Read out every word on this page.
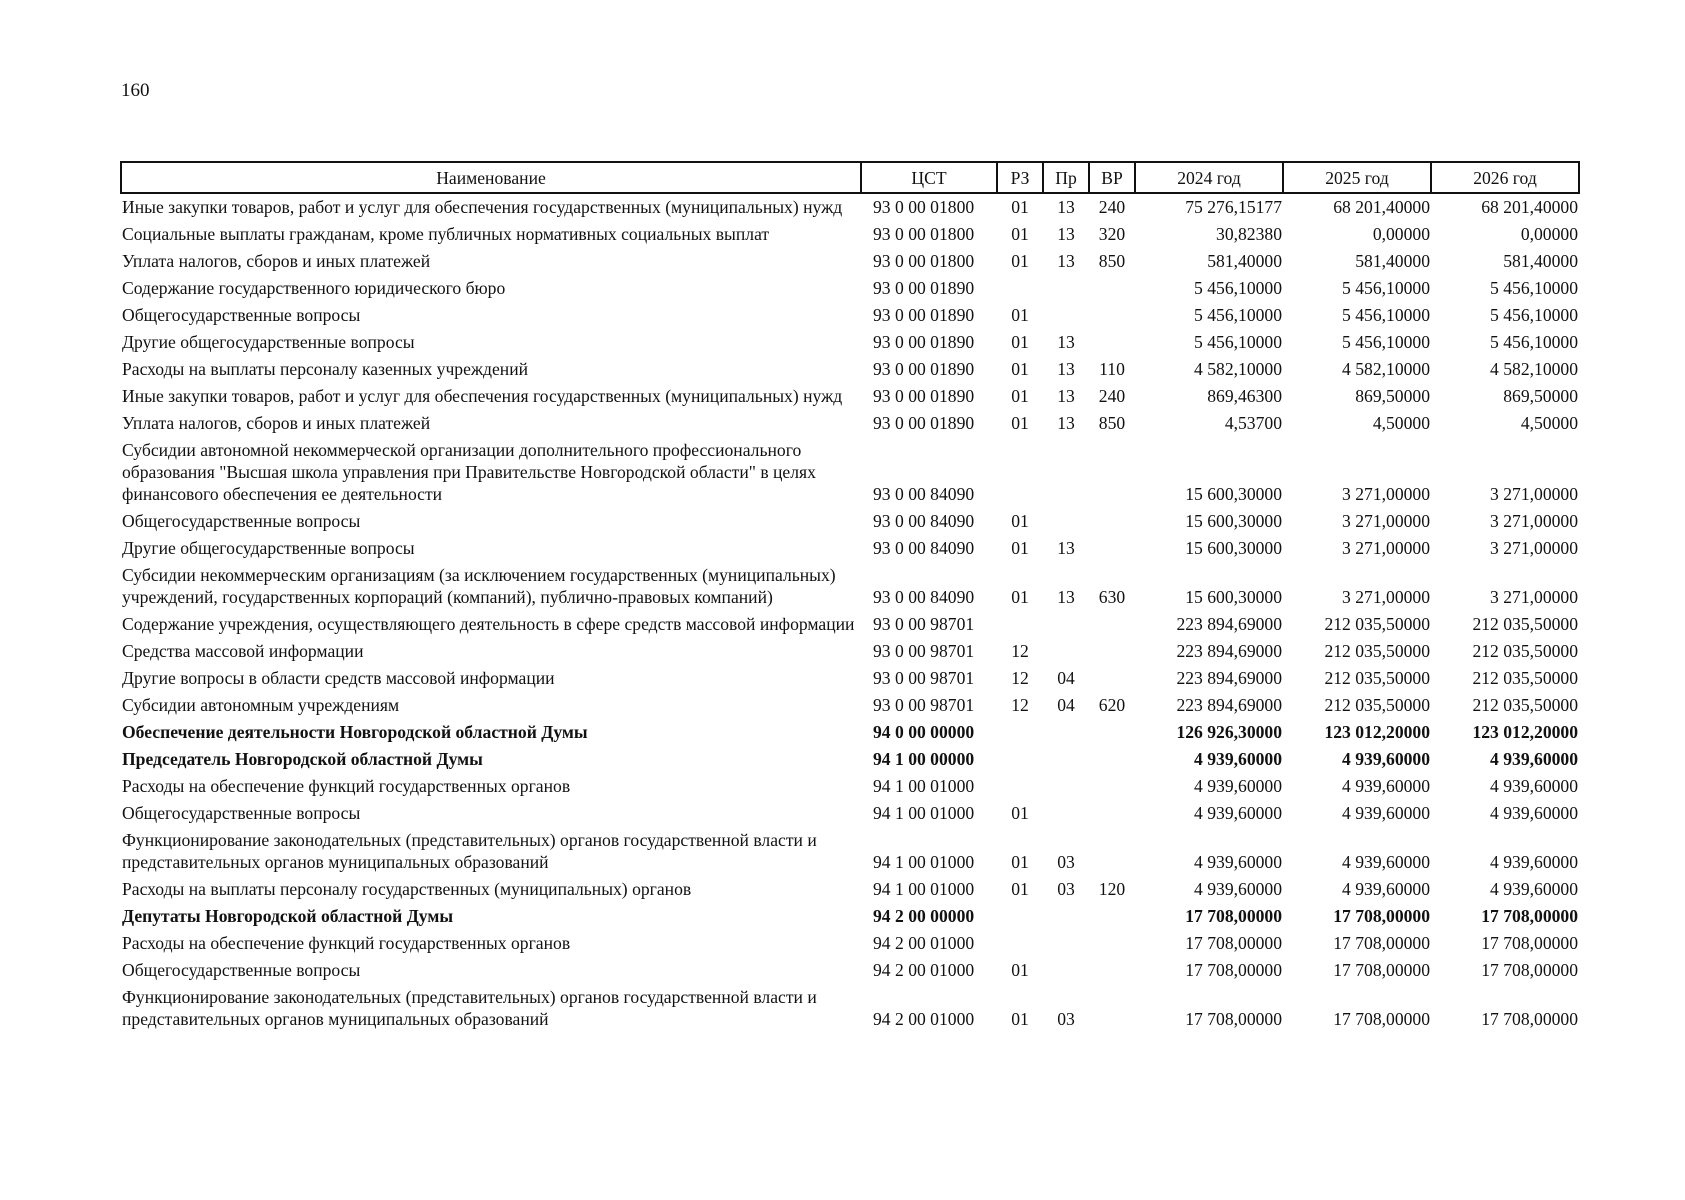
160
Наименование	ЦСТ	РЗ	Пр	ВР	2024 год	2025 год	2026 год
Иные закупки товаров, работ и услуг для обеспечения государственных (муниципальных) нужд	93 0 00 01800	01	13	240	75 276,15177	68 201,40000	68 201,40000
Социальные выплаты гражданам, кроме публичных нормативных социальных выплат	93 0 00 01800	01	13	320	30,82380	0,00000	0,00000
Уплата налогов, сборов и иных платежей	93 0 00 01800	01	13	850	581,40000	581,40000	581,40000
Содержание государственного юридического бюро	93 0 00 01890				5 456,10000	5 456,10000	5 456,10000
Общегосударственные вопросы	93 0 00 01890	01			5 456,10000	5 456,10000	5 456,10000
Другие общегосударственные вопросы	93 0 00 01890	01	13		5 456,10000	5 456,10000	5 456,10000
Расходы на выплаты персоналу казенных учреждений	93 0 00 01890	01	13	110	4 582,10000	4 582,10000	4 582,10000
Иные закупки товаров, работ и услуг для обеспечения государственных (муниципальных) нужд	93 0 00 01890	01	13	240	869,46300	869,50000	869,50000
Уплата налогов, сборов и иных платежей	93 0 00 01890	01	13	850	4,53700	4,50000	4,50000
Субсидии автономной некоммерческой организации дополнительного профессионального образования "Высшая школа управления при Правительстве Новгородской области" в целях финансового обеспечения ее деятельности	93 0 00 84090				15 600,30000	3 271,00000	3 271,00000
Общегосударственные вопросы	93 0 00 84090	01			15 600,30000	3 271,00000	3 271,00000
Другие общегосударственные вопросы	93 0 00 84090	01	13		15 600,30000	3 271,00000	3 271,00000
Субсидии некоммерческим организациям (за исключением государственных (муниципальных) учреждений, государственных корпораций (компаний), публично-правовых компаний)	93 0 00 84090	01	13	630	15 600,30000	3 271,00000	3 271,00000
Содержание учреждения, осуществляющего деятельность в сфере средств массовой информации	93 0 00 98701				223 894,69000	212 035,50000	212 035,50000
Средства массовой информации	93 0 00 98701	12			223 894,69000	212 035,50000	212 035,50000
Другие вопросы в области средств массовой информации	93 0 00 98701	12	04		223 894,69000	212 035,50000	212 035,50000
Субсидии автономным учреждениям	93 0 00 98701	12	04	620	223 894,69000	212 035,50000	212 035,50000
Обеспечение деятельности Новгородской областной Думы	94 0 00 00000				126 926,30000	123 012,20000	123 012,20000
Председатель Новгородской областной Думы	94 1 00 00000				4 939,60000	4 939,60000	4 939,60000
Расходы на обеспечение функций государственных органов	94 1 00 01000				4 939,60000	4 939,60000	4 939,60000
Общегосударственные вопросы	94 1 00 01000	01			4 939,60000	4 939,60000	4 939,60000
Функционирование законодательных (представительных) органов государственной власти и представительных органов муниципальных образований	94 1 00 01000	01	03		4 939,60000	4 939,60000	4 939,60000
Расходы на выплаты персоналу государственных (муниципальных) органов	94 1 00 01000	01	03	120	4 939,60000	4 939,60000	4 939,60000
Депутаты Новгородской областной Думы	94 2 00 00000				17 708,00000	17 708,00000	17 708,00000
Расходы на обеспечение функций государственных органов	94 2 00 01000				17 708,00000	17 708,00000	17 708,00000
Общегосударственные вопросы	94 2 00 01000	01			17 708,00000	17 708,00000	17 708,00000
Функционирование законодательных (представительных) органов государственной власти и представительных органов муниципальных образований	94 2 00 01000	01	03		17 708,00000	17 708,00000	17 708,00000
